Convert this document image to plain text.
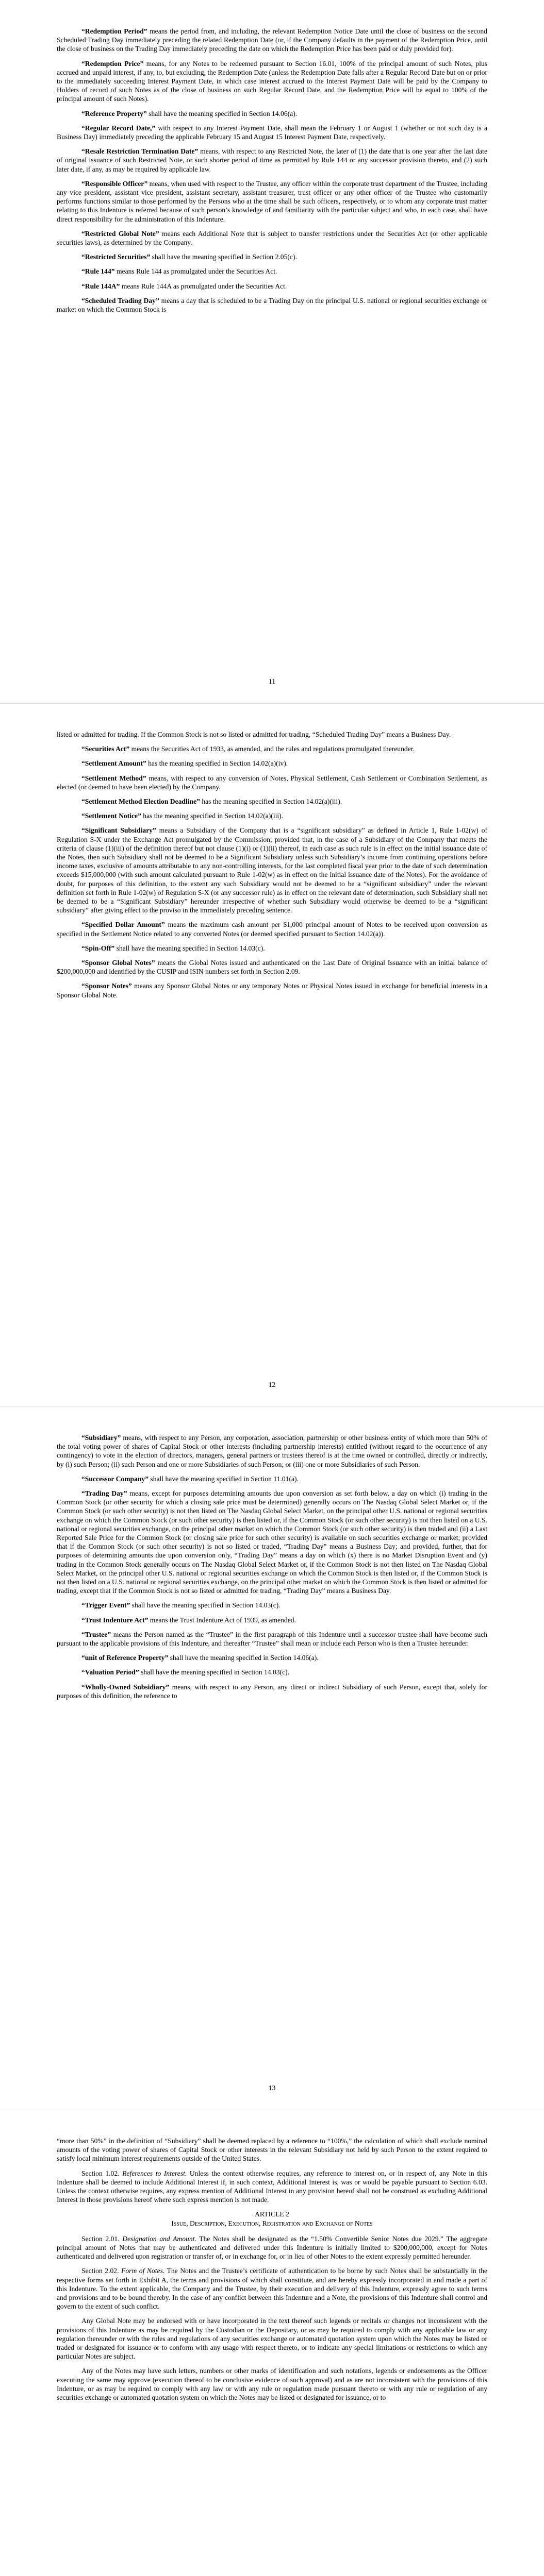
“Redemption Period” means the period from, and including, the relevant Redemption Notice Date until the close of business on the second Scheduled Trading Day immediately preceding the related Redemption Date (or, if the Company defaults in the payment of the Redemption Price, until the close of business on the Trading Day immediately preceding the date on which the Redemption Price has been paid or duly provided for).

“Redemption Price” means, for any Notes to be redeemed pursuant to Section 16.01, 100% of the principal amount of such Notes, plus accrued and unpaid interest, if any, to, but excluding, the Redemption Date (unless the Redemption Date falls after a Regular Record Date but on or prior to the immediately succeeding Interest Payment Date, in which case interest accrued to the Interest Payment Date will be paid by the Company to Holders of record of such Notes as of the close of business on such Regular Record Date, and the Redemption Price will be equal to 100% of the principal amount of such Notes).

“Reference Property” shall have the meaning specified in Section 14.06(a).

“Regular Record Date,” with respect to any Interest Payment Date, shall mean the February 1 or August 1 (whether or not such day is a Business Day) immediately preceding the applicable February 15 and August 15 Interest Payment Date, respectively.

“Resale Restriction Termination Date” means, with respect to any Restricted Note, the later of (1) the date that is one year after the last date of original issuance of such Restricted Note, or such shorter period of time as permitted by Rule 144 or any successor provision thereto, and (2) such later date, if any, as may be required by applicable law.

“Responsible Officer” means, when used with respect to the Trustee, any officer within the corporate trust department of the Trustee, including any vice president, assistant vice president, assistant secretary, assistant treasurer, trust officer or any other officer of the Trustee who customarily performs functions similar to those performed by the Persons who at the time shall be such officers, respectively, or to whom any corporate trust matter relating to this Indenture is referred because of such person’s knowledge of and familiarity with the particular subject and who, in each case, shall have direct responsibility for the administration of this Indenture.

“Restricted Global Note” means each Additional Note that is subject to transfer restrictions under the Securities Act (or other applicable securities laws), as determined by the Company.

“Restricted Securities” shall have the meaning specified in Section 2.05(c).

“Rule 144” means Rule 144 as promulgated under the Securities Act.

“Rule 144A” means Rule 144A as promulgated under the Securities Act.

“Scheduled Trading Day” means a day that is scheduled to be a Trading Day on the principal U.S. national or regional securities exchange or market on which the Common Stock is

11

listed or admitted for trading. If the Common Stock is not so listed or admitted for trading, “Scheduled Trading Day” means a Business Day.

“Securities Act” means the Securities Act of 1933, as amended, and the rules and regulations promulgated thereunder.

“Settlement Amount” has the meaning specified in Section 14.02(a)(iv).

“Settlement Method” means, with respect to any conversion of Notes, Physical Settlement, Cash Settlement or Combination Settlement, as elected (or deemed to have been elected) by the Company.

“Settlement Method Election Deadline” has the meaning specified in Section 14.02(a)(iii).

“Settlement Notice” has the meaning specified in Section 14.02(a)(iii).

“Significant Subsidiary” means a Subsidiary of the Company that is a “significant subsidiary” as defined in Article 1, Rule 1-02(w) of Regulation S-X under the Exchange Act promulgated by the Commission; provided that, in the case of a Subsidiary of the Company that meets the criteria of clause (1)(iii) of the definition thereof but not clause (1)(i) or (1)(ii) thereof, in each case as such rule is in effect on the initial issuance date of the Notes, then such Subsidiary shall not be deemed to be a Significant Subsidiary unless such Subsidiary’s income from continuing operations before income taxes, exclusive of amounts attributable to any non-controlling interests, for the last completed fiscal year prior to the date of such determination exceeds $15,000,000 (with such amount calculated pursuant to Rule 1-02(w) as in effect on the initial issuance date of the Notes). For the avoidance of doubt, for purposes of this definition, to the extent any such Subsidiary would not be deemed to be a “significant subsidiary” under the relevant definition set forth in Rule 1-02(w) of Regulation S-X (or any successor rule) as in effect on the relevant date of determination, such Subsidiary shall not be deemed to be a “Significant Subsidiary” hereunder irrespective of whether such Subsidiary would otherwise be deemed to be a “significant subsidiary” after giving effect to the proviso in the immediately preceding sentence.

“Specified Dollar Amount” means the maximum cash amount per $1,000 principal amount of Notes to be received upon conversion as specified in the Settlement Notice related to any converted Notes (or deemed specified pursuant to Section 14.02(a)).

“Spin-Off” shall have the meaning specified in Section 14.03(c).

“Sponsor Global Notes” means the Global Notes issued and authenticated on the Last Date of Original Issuance with an initial balance of $200,000,000 and identified by the CUSIP and ISIN numbers set forth in Section 2.09.

“Sponsor Notes” means any Sponsor Global Notes or any temporary Notes or Physical Notes issued in exchange for beneficial interests in a Sponsor Global Note.

12

“Subsidiary” means, with respect to any Person, any corporation, association, partnership or other business entity of which more than 50% of the total voting power of shares of Capital Stock or other interests (including partnership interests) entitled (without regard to the occurrence of any contingency) to vote in the election of directors, managers, general partners or trustees thereof is at the time owned or controlled, directly or indirectly, by (i) such Person; (ii) such Person and one or more Subsidiaries of such Person; or (iii) one or more Subsidiaries of such Person.

“Successor Company” shall have the meaning specified in Section 11.01(a).

“Trading Day” means, except for purposes determining amounts due upon conversion as set forth below, a day on which (i) trading in the Common Stock (or other security for which a closing sale price must be determined) generally occurs on The Nasdaq Global Select Market or, if the Common Stock (or such other security) is not then listed on The Nasdaq Global Select Market, on the principal other U.S. national or regional securities exchange on which the Common Stock (or such other security) is then listed or, if the Common Stock (or such other security) is not then listed on a U.S. national or regional securities exchange, on the principal other market on which the Common Stock (or such other security) is then traded and (ii) a Last Reported Sale Price for the Common Stock (or closing sale price for such other security) is available on such securities exchange or market; provided that if the Common Stock (or such other security) is not so listed or traded, “Trading Day” means a Business Day; and provided, further, that for purposes of determining amounts due upon conversion only, “Trading Day” means a day on which (x) there is no Market Disruption Event and (y) trading in the Common Stock generally occurs on The Nasdaq Global Select Market or, if the Common Stock is not then listed on The Nasdaq Global Select Market, on the principal other U.S. national or regional securities exchange on which the Common Stock is then listed or, if the Common Stock is not then listed on a U.S. national or regional securities exchange, on the principal other market on which the Common Stock is then listed or admitted for trading, except that if the Common Stock is not so listed or admitted for trading, “Trading Day” means a Business Day.

“Trigger Event” shall have the meaning specified in Section 14.03(c).

“Trust Indenture Act” means the Trust Indenture Act of 1939, as amended.

“Trustee” means the Person named as the “Trustee” in the first paragraph of this Indenture until a successor trustee shall have become such pursuant to the applicable provisions of this Indenture, and thereafter “Trustee” shall mean or include each Person who is then a Trustee hereunder.

“unit of Reference Property” shall have the meaning specified in Section 14.06(a).

“Valuation Period” shall have the meaning specified in Section 14.03(c).

“Wholly-Owned Subsidiary” means, with respect to any Person, any direct or indirect Subsidiary of such Person, except that, solely for purposes of this definition, the reference to

13

“more than 50%” in the definition of “Subsidiary” shall be deemed replaced by a reference to “100%,” the calculation of which shall exclude nominal amounts of the voting power of shares of Capital Stock or other interests in the relevant Subsidiary not held by such Person to the extent required to satisfy local minimum interest requirements outside of the United States.

Section 1.02. References to Interest. Unless the context otherwise requires, any reference to interest on, or in respect of, any Note in this Indenture shall be deemed to include Additional Interest if, in such context, Additional Interest is, was or would be payable pursuant to Section 6.03. Unless the context otherwise requires, any express mention of Additional Interest in any provision hereof shall not be construed as excluding Additional Interest in those provisions hereof where such express mention is not made.

ARTICLE 2
Issue, Description, Execution, Registration and Exchange of Notes

Section 2.01. Designation and Amount. The Notes shall be designated as the “1.50% Convertible Senior Notes due 2029.” The aggregate principal amount of Notes that may be authenticated and delivered under this Indenture is initially limited to $200,000,000, except for Notes authenticated and delivered upon registration or transfer of, or in exchange for, or in lieu of other Notes to the extent expressly permitted hereunder.

Section 2.02. Form of Notes. The Notes and the Trustee’s certificate of authentication to be borne by such Notes shall be substantially in the respective forms set forth in Exhibit A, the terms and provisions of which shall constitute, and are hereby expressly incorporated in and made a part of this Indenture. To the extent applicable, the Company and the Trustee, by their execution and delivery of this Indenture, expressly agree to such terms and provisions and to be bound thereby. In the case of any conflict between this Indenture and a Note, the provisions of this Indenture shall control and govern to the extent of such conflict.

Any Global Note may be endorsed with or have incorporated in the text thereof such legends or recitals or changes not inconsistent with the provisions of this Indenture as may be required by the Custodian or the Depositary, or as may be required to comply with any applicable law or any regulation thereunder or with the rules and regulations of any securities exchange or automated quotation system upon which the Notes may be listed or traded or designated for issuance or to conform with any usage with respect thereto, or to indicate any special limitations or restrictions to which any particular Notes are subject.

Any of the Notes may have such letters, numbers or other marks of identification and such notations, legends or endorsements as the Officer executing the same may approve (execution thereof to be conclusive evidence of such approval) and as are not inconsistent with the provisions of this Indenture, or as may be required to comply with any law or with any rule or regulation made pursuant thereto or with any rule or regulation of any securities exchange or automated quotation system on which the Notes may be listed or designated for issuance, or to
